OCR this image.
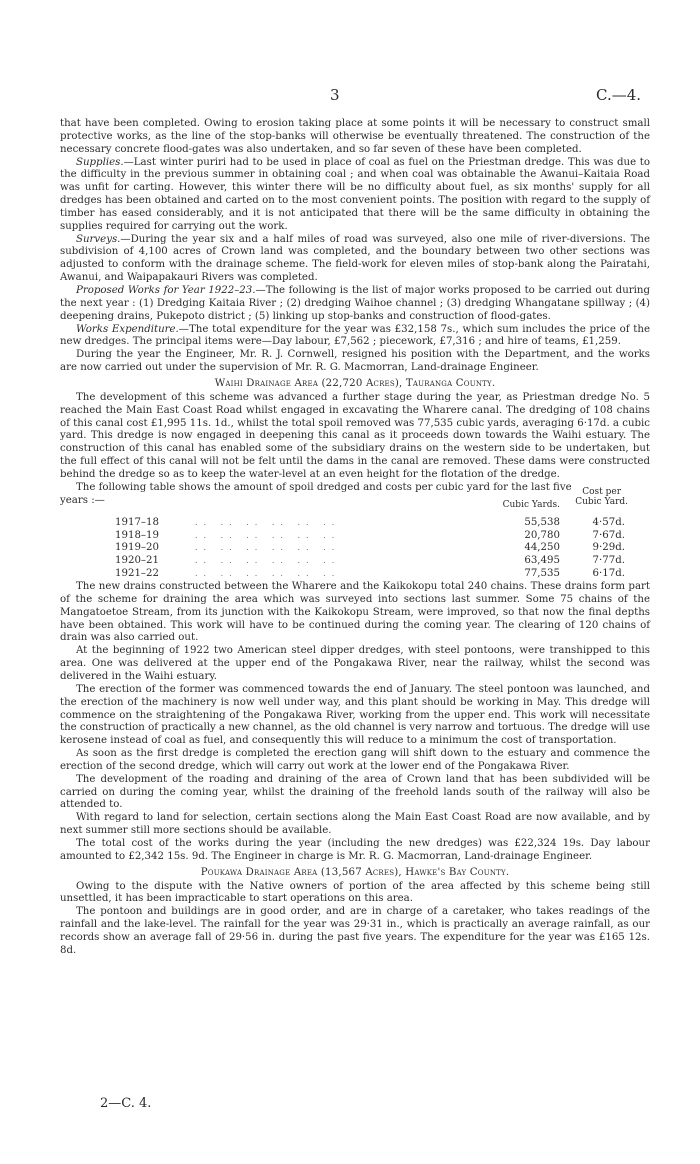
3	C.—4.

that have been completed. Owing to erosion taking place at some points it will be necessary to construct small protective works, as the line of the stop-banks will otherwise be eventually threatened. The construction of the necessary concrete flood-gates was also undertaken, and so far seven of these have been completed.

Supplies.—Last winter puriri had to be used in place of coal as fuel on the Priestman dredge. This was due to the difficulty in the previous summer in obtaining coal ; and when coal was obtainable the Awanui–Kaitaia Road was unfit for carting. However, this winter there will be no difficulty about fuel, as six months' supply for all dredges has been obtained and carted on to the most convenient points. The position with regard to the supply of timber has eased considerably, and it is not anticipated that there will be the same difficulty in obtaining the supplies required for carrying out the work.

Surveys.—During the year six and a half miles of road was surveyed, also one mile of river-diversions. The subdivision of 4,100 acres of Crown land was completed, and the boundary between two other sections was adjusted to conform with the drainage scheme. The field-work for eleven miles of stop-bank along the Pairatahi, Awanui, and Waipapakauri Rivers was completed.

Proposed Works for Year 1922–23.—The following is the list of major works proposed to be carried out during the next year : (1) Dredging Kaitaia River ; (2) dredging Waihoe channel ; (3) dredging Whangatane spillway ; (4) deepening drains, Pukepoto district ; (5) linking up stop-banks and construction of flood-gates.

Works Expenditure.—The total expenditure for the year was £32,158 7s., which sum includes the price of the new dredges. The principal items were—Day labour, £7,562 ; piecework, £7,316 ; and hire of teams, £1,259.

During the year the Engineer, Mr. R. J. Cornwell, resigned his position with the Department, and the works are now carried out under the supervision of Mr. R. G. Macmorran, Land-drainage Engineer.

Waihi Drainage Area (22,720 Acres), Tauranga County.

The development of this scheme was advanced a further stage during the year, as Priestman dredge No. 5 reached the Main East Coast Road whilst engaged in excavating the Wharere canal. The dredging of 108 chains of this canal cost £1,995 11s. 1d., whilst the total spoil removed was 77,535 cubic yards, averaging 6·17d. a cubic yard. This dredge is now engaged in deepening this canal as it proceeds down towards the Waihi estuary. The construction of this canal has enabled some of the subsidiary drains on the western side to be undertaken, but the full effect of this canal will not be felt until the dams in the canal are removed. These dams were constructed behind the dredge so as to keep the water-level at an even height for the flotation of the dredge.

The following table shows the amount of spoil dredged and costs per cubic yard for the last five

years :—	Cubic Yards.
Cost per
Cubic Yard.
1917–18	.. .. .. .. .. ..	55,538	4·57d.
1918–19	.. .. .. .. .. ..	20,780	7·67d.
1919–20	.. .. .. .. .. ..	44,250	9·29d.
1920–21	.. .. .. .. .. ..	63,495	7·77d.
1921–22	.. .. .. .. .. ..	77,535	6·17d.

The new drains constructed between the Wharere and the Kaikokopu total 240 chains. These drains form part of the scheme for draining the area which was surveyed into sections last summer. Some 75 chains of the Mangatoetoe Stream, from its junction with the Kaikokopu Stream, were improved, so that now the final depths have been obtained. This work will have to be continued during the coming year. The clearing of 120 chains of drain was also carried out.

At the beginning of 1922 two American steel dipper dredges, with steel pontoons, were transhipped to this area. One was delivered at the upper end of the Pongakawa River, near the railway, whilst the second was delivered in the Waihi estuary.

The erection of the former was commenced towards the end of January. The steel pontoon was launched, and the erection of the machinery is now well under way, and this plant should be working in May. This dredge will commence on the straightening of the Pongakawa River, working from the upper end. This work will necessitate the construction of practically a new channel, as the old channel is very narrow and tortuous. The dredge will use kerosene instead of coal as fuel, and consequently this will reduce to a minimum the cost of transportation.

As soon as the first dredge is completed the erection gang will shift down to the estuary and commence the erection of the second dredge, which will carry out work at the lower end of the Pongakawa River.

The development of the roading and draining of the area of Crown land that has been subdivided will be carried on during the coming year, whilst the draining of the freehold lands south of the railway will also be attended to.

With regard to land for selection, certain sections along the Main East Coast Road are now available, and by next summer still more sections should be available.

The total cost of the works during the year (including the new dredges) was £22,324 19s. Day labour amounted to £2,342 15s. 9d. The Engineer in charge is Mr. R. G. Macmorran, Land-drainage Engineer.

Poukawa Drainage Area (13,567 Acres), Hawke's Bay County.

Owing to the dispute with the Native owners of portion of the area affected by this scheme being still unsettled, it has been impracticable to start operations on this area.

The pontoon and buildings are in good order, and are in charge of a caretaker, who takes readings of the rainfall and the lake-level. The rainfall for the year was 29·31 in., which is practically an average rainfall, as our records show an average fall of 29·56 in. during the past five years. The expenditure for the year was £165 12s. 8d.

2—C. 4.
